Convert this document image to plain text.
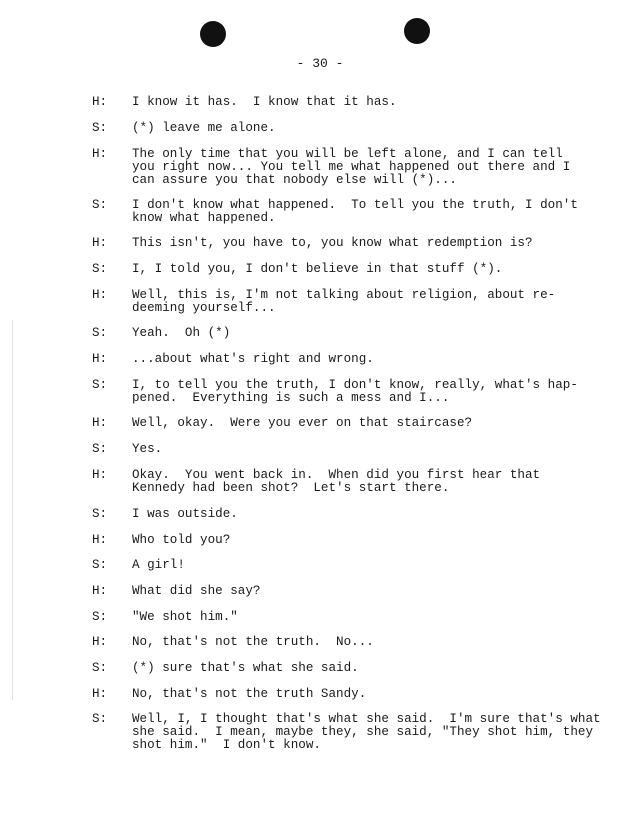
- 30 -
H: I know it has.  I know that it has.
S: (*) leave me alone.
H: The only time that you will be left alone, and I can tell
you right now... You tell me what happened out there and I
can assure you that nobody else will (*)...
S: I don't know what happened.  To tell you the truth, I don't
know what happened.
H: This isn't, you have to, you know what redemption is?
S: I, I told you, I don't believe in that stuff (*).
H: Well, this is, I'm not talking about religion, about re-
deeming yourself...
S: Yeah.  Oh (*)
H: ...about what's right and wrong.
S: I, to tell you the truth, I don't know, really, what's hap-
pened.  Everything is such a mess and I...
H: Well, okay.  Were you ever on that staircase?
S: Yes.
H: Okay.  You went back in.  When did you first hear that
Kennedy had been shot?  Let's start there.
S: I was outside.
H: Who told you?
S: A girl!
H: What did she say?
S: "We shot him."
H: No, that's not the truth.  No...
S: (*) sure that's what she said.
H: No, that's not the truth Sandy.
S: Well, I, I thought that's what she said.  I'm sure that's what
she said.  I mean, maybe they, she said, "They shot him, they
shot him."  I don't know.
